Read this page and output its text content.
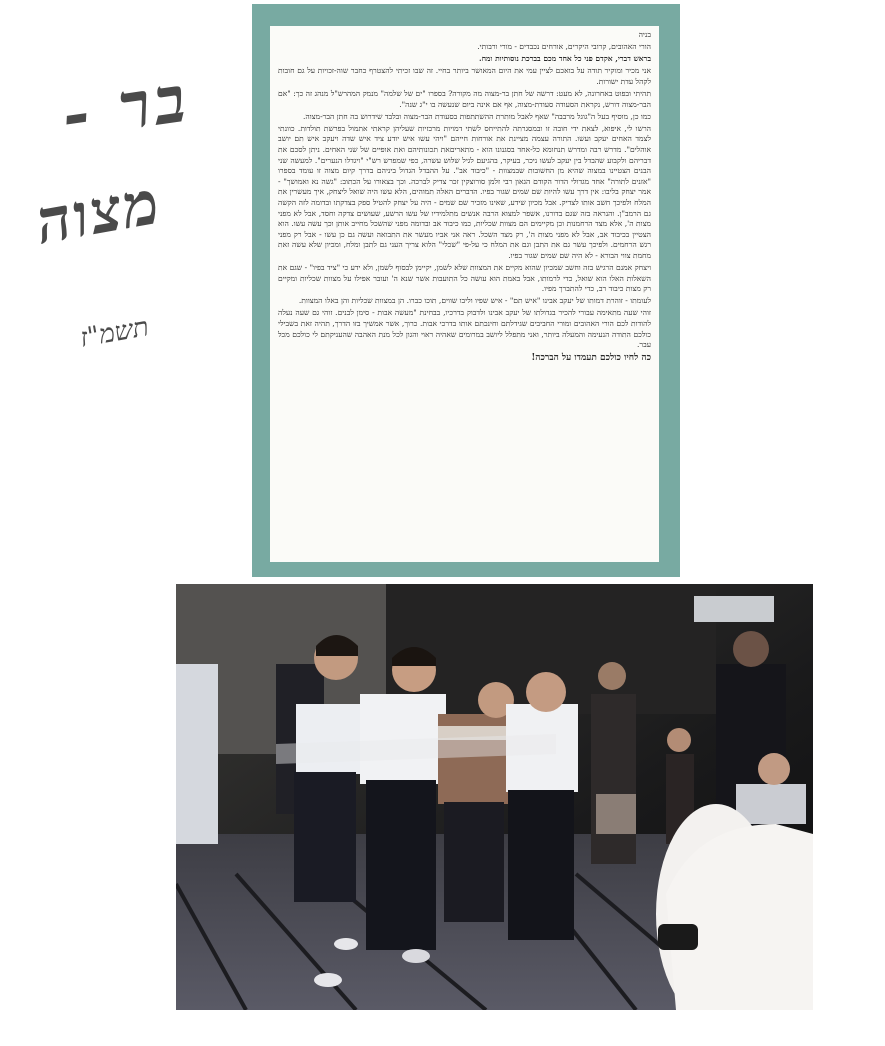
בר -
מצוה
תשמ"ז

בניה

הורי האהובים, קרובי היקרים, אורחים נכבדים - מורי ורבותי.

בראש דברי, אקדם פני כל אחד מכם בברכת נוסותיות ומח.

אני מכיר ומוקיר תודה על בואכם לציין עמי את היום המאושר ביותר בחיי. זה שבו זכיתי להצטרף כחבר שוה-זכויות על גם חובות לקהל עדת ישורות.

תהיתי ובפוט באחרונה, לא מעט: דרשה של חתן בר-מצוה מה מקורה? בספרו "ים של שלמה" מנמק המהרש"ל מנהג זה כך: "אם הבר-מצוה דורש, נקראת הסעודה סעודת-מצוה, אף אם אינה ביום שנעשה בו י"ג שנה".

כמו כן, מוסיף בעל ה"גוגל מרבבה" שאף לאבל מותרת ההשתתפות בסעודת הבר-מצוה ובלבד שידרוש בה חתן הבר-מצוה.

הרשו לי, איפוא, לצאת ידי חובה זו ובמסגרתה להתייחס לשתי דמויות מרכזיות שעליהן קראתי אתמול בפרשת תולדות. כוונתי לצמד האחים יעקב ועשו. התורה עצמה מציינת את אורחות חייהם "ויהי עשו איש יודע ציד איש שדה ויעקב איש תם יושב אוהלים". מדרש רבה ומדרש תנחומא כל-אחד בסגנונו הוא - מתאריםאת תכונותיהם ואת אופיים של שני האחים. ניתן לסכם את דבריהם ולקבוע שהבדל בין יעקב לעשו ניכר, בעיקר, בהגיעם לגיל שלוש עשרה, כפי שמפרש רש"י "ויגדלו הנערים". למעשה שני הבנים הצטיינו במצוה שהיא מן החשובות שבמצוות - "כיבוד אב". על ההבדל הגדול ביניהם בדרך קיום מצוה זו עומד בספרו "אזנים לתורה" אחד מגדולי הדור הקודם הגאון רבי זלמן סורוצקין זכר צדיק לברכה. וכך בצאורו על הכתוב: "גשה נא ואמושך" - אמר יצחק בליבו: אין דרך עשו להיות שם שמים שגור בפיו. הדברים האלה תמוהים, הלא עשו היה שואל ליצחק, איך מעשרין את המלח ולפיכך חשב אותו לצדיק. אבל מכיון שידע, שאינו מזכיר שם שמים - היה על יצחק להטיל ספק בצדקתו ובדומה לזה הקשה גם הרמב"ן. והנראה בזה שגם בדורנו, אשפר למצוא הרבה אנשים מתלמידיו של עשו הרשע, שעושים צדקה וחסד, אבל לא מפני מצות ה', אלא מצד הרחמנות וכן מקיימים הם מצוות שכליות, כמו כיבוד אב ובדומה מפני שהשכל מחייב אותן וכך עשה עשו. הוא הצטיין בכיבוד אב, אבל לא מפני מצות ה', רק מצד השכל. ראה אני אביו מעשר את התבואה ועשה גם כן עשו - אבל רק מפני רגש הרחמים. ולפיכך עשר גם את התבן וגם את המלח כי על-פי "שכלי" הלוא צריך העני גם לתבן ומלח, ומכיון שלא עשה זאת מחמת צווי הבורא - לא היה שם שמים שגור בפיו.

ויצחק אמנם הרגיש בזה וחשב שמכיון שהוא מקיים את המצוות שלא לשמן, יקיימן לבסוף לשמן, ולא ידע כי "ציד בפיו" - שגם את השאלות האלו הוא שואל, כדי לרמותו, אבל באמת הוא עושה כל התועבות אשר שנא ה' ועובר אפילו על מצוות שכליות ומקיים רק מצות כיבוד רב, כדי להתברך מפיו.

לעומתו - זוהרת דמותו של יעקב אבינו "איש תם" - איש שפיו וליבו שווים, תוכו כברו. הן במצוות שכליות והן באלו המצוות.

זוהי שעה מתאימה עבורי להכיר בגדולתו של יעקב אבינו ולדבוק בדרכיו, בבחינת "מעשה אבות - סימן לבנים. זוהי גם שעה נעלה להודות לכם הורי האהובים ומורי החביבים שגידלתם וחינכתם אותו בדרכי אבות. כרוך, אשר אמשיך בזו הדרך, תהיה זאת בשבילי כולכם התודה הנעימה והמעלה ביותר, ואני מתפלל ליושב במרומים שאהיה ראוי והגון לכל מנת האהבה שהעניקתם לי כולכם מכל עבר.

כה לחיו כולכם תעמדו על הברכה!
